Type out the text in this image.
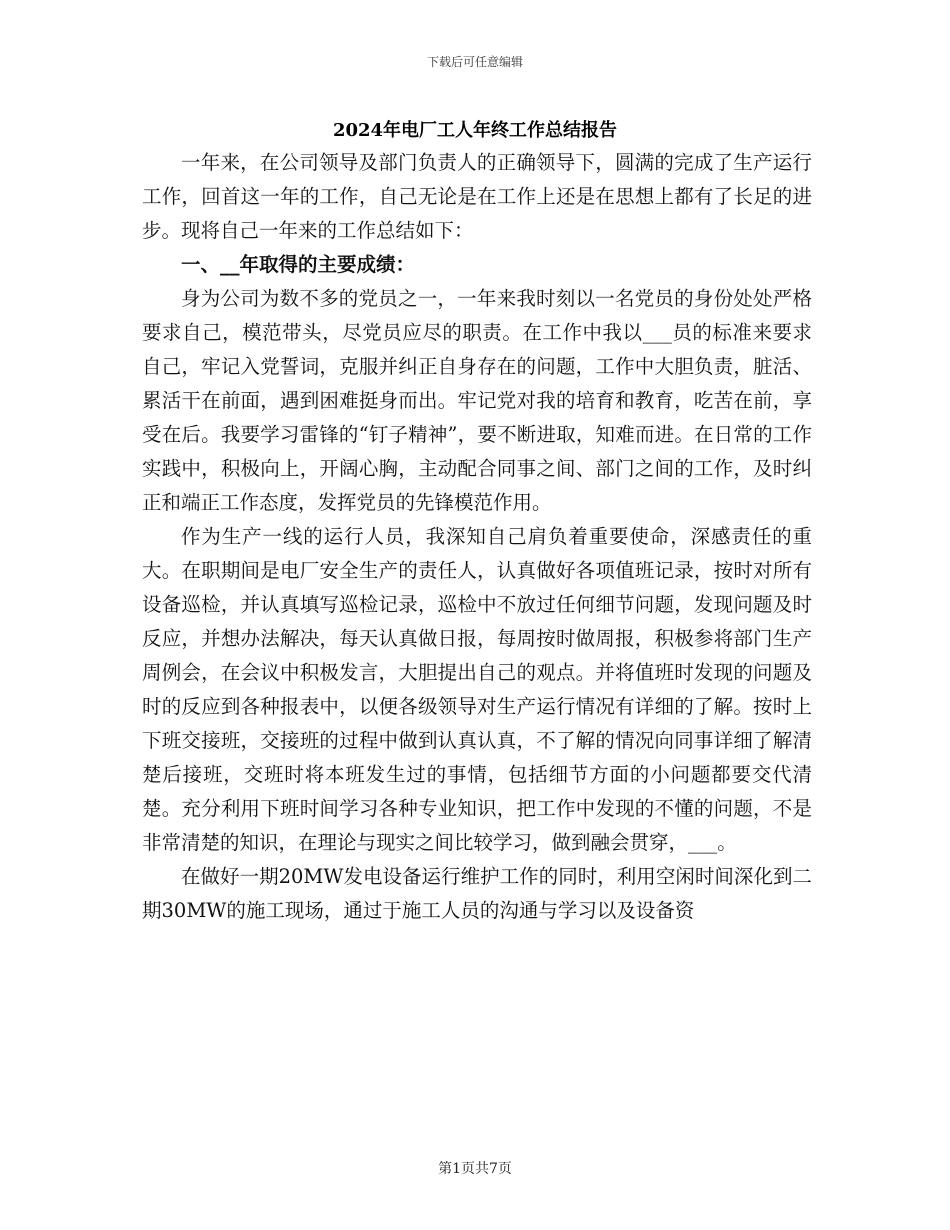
下载后可任意编辑
2024年电厂工人年终工作总结报告

一年来，在公司领导及部门负责人的正确领导下，圆满的完成了生产运行工作，回首这一年的工作，自己无论是在工作上还是在思想上都有了长足的进步。现将自己一年来的工作总结如下：

一、__年取得的主要成绩：

身为公司为数不多的党员之一，一年来我时刻以一名党员的身份处处严格要求自己，模范带头，尽党员应尽的职责。在工作中我以___员的标准来要求自己，牢记入党誓词，克服并纠正自身存在的问题，工作中大胆负责，脏活、累活干在前面，遇到困难挺身而出。牢记党对我的培育和教育，吃苦在前，享受在后。我要学习雷锋的“钉子精神”，要不断进取，知难而进。在日常的工作实践中，积极向上，开阔心胸，主动配合同事之间、部门之间的工作，及时纠正和端正工作态度，发挥党员的先锋模范作用。

作为生产一线的运行人员，我深知自己肩负着重要使命，深感责任的重大。在职期间是电厂安全生产的责任人，认真做好各项值班记录，按时对所有设备巡检，并认真填写巡检记录，巡检中不放过任何细节问题，发现问题及时反应，并想办法解决，每天认真做日报，每周按时做周报，积极参将部门生产周例会，在会议中积极发言，大胆提出自己的观点。并将值班时发现的问题及时的反应到各种报表中，以便各级领导对生产运行情况有详细的了解。按时上下班交接班，交接班的过程中做到认真认真，不了解的情况向同事详细了解清楚后接班，交班时将本班发生过的事情，包括细节方面的小问题都要交代清楚。充分利用下班时间学习各种专业知识，把工作中发现的不懂的问题，不是非常清楚的知识，在理论与现实之间比较学习，做到融会贯穿，___。

在做好一期20MW发电设备运行维护工作的同时，利用空闲时间深化到二期30MW的施工现场，通过于施工人员的沟通与学习以及设备资

第1页共7页
